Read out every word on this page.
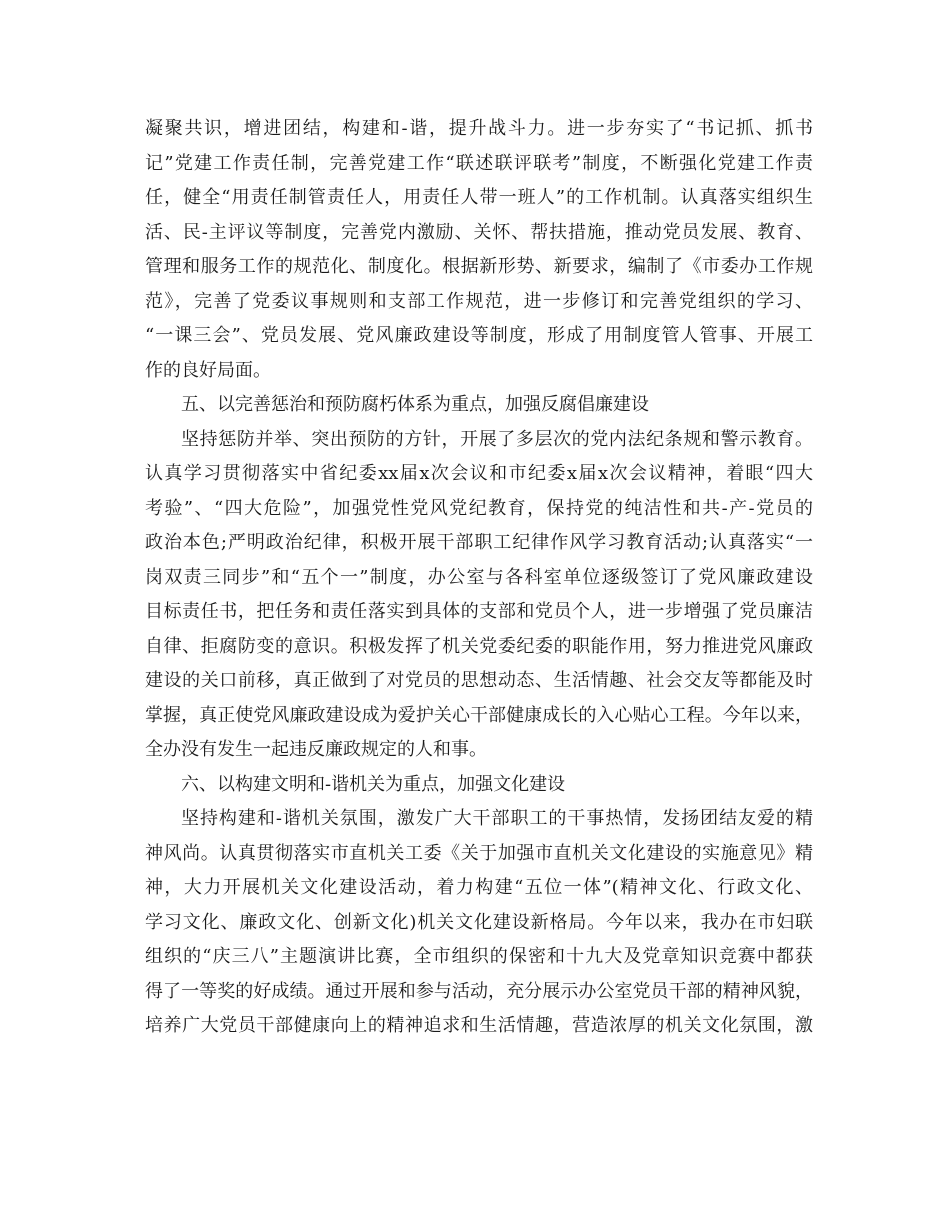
凝聚共识，增进团结，构建和-谐，提升战斗力。进一步夯实了“书记抓、抓书
记”党建工作责任制，完善党建工作“联述联评联考”制度，不断强化党建工作责
任，健全“用责任制管责任人，用责任人带一班人”的工作机制。认真落实组织生
活、民-主评议等制度，完善党内激励、关怀、帮扶措施，推动党员发展、教育、
管理和服务工作的规范化、制度化。根据新形势、新要求，编制了《市委办工作规
范》，完善了党委议事规则和支部工作规范，进一步修订和完善党组织的学习、
“一课三会”、党员发展、党风廉政建设等制度，形成了用制度管人管事、开展工
作的良好局面。
五、以完善惩治和预防腐朽体系为重点，加强反腐倡廉建设
坚持惩防并举、突出预防的方针，开展了多层次的党内法纪条规和警示教育。
认真学习贯彻落实中省纪委xx届x次会议和市纪委x届x次会议精神，着眼“四大
考验”、“四大危险”，加强党性党风党纪教育，保持党的纯洁性和共-产-党员的
政治本色;严明政治纪律，积极开展干部职工纪律作风学习教育活动;认真落实“一
岗双责三同步”和“五个一”制度，办公室与各科室单位逐级签订了党风廉政建设
目标责任书，把任务和责任落实到具体的支部和党员个人，进一步增强了党员廉洁
自律、拒腐防变的意识。积极发挥了机关党委纪委的职能作用，努力推进党风廉政
建设的关口前移，真正做到了对党员的思想动态、生活情趣、社会交友等都能及时
掌握，真正使党风廉政建设成为爱护关心干部健康成长的入心贴心工程。今年以来，
全办没有发生一起违反廉政规定的人和事。
六、以构建文明和-谐机关为重点，加强文化建设
坚持构建和-谐机关氛围，激发广大干部职工的干事热情，发扬团结友爱的精
神风尚。认真贯彻落实市直机关工委《关于加强市直机关文化建设的实施意见》精
神，大力开展机关文化建设活动，着力构建“五位一体”(精神文化、行政文化、
学习文化、廉政文化、创新文化)机关文化建设新格局。今年以来，我办在市妇联
组织的“庆三八”主题演讲比赛，全市组织的保密和十九大及党章知识竞赛中都获
得了一等奖的好成绩。通过开展和参与活动，充分展示办公室党员干部的精神风貌，
培养广大党员干部健康向上的精神追求和生活情趣，营造浓厚的机关文化氛围，激
